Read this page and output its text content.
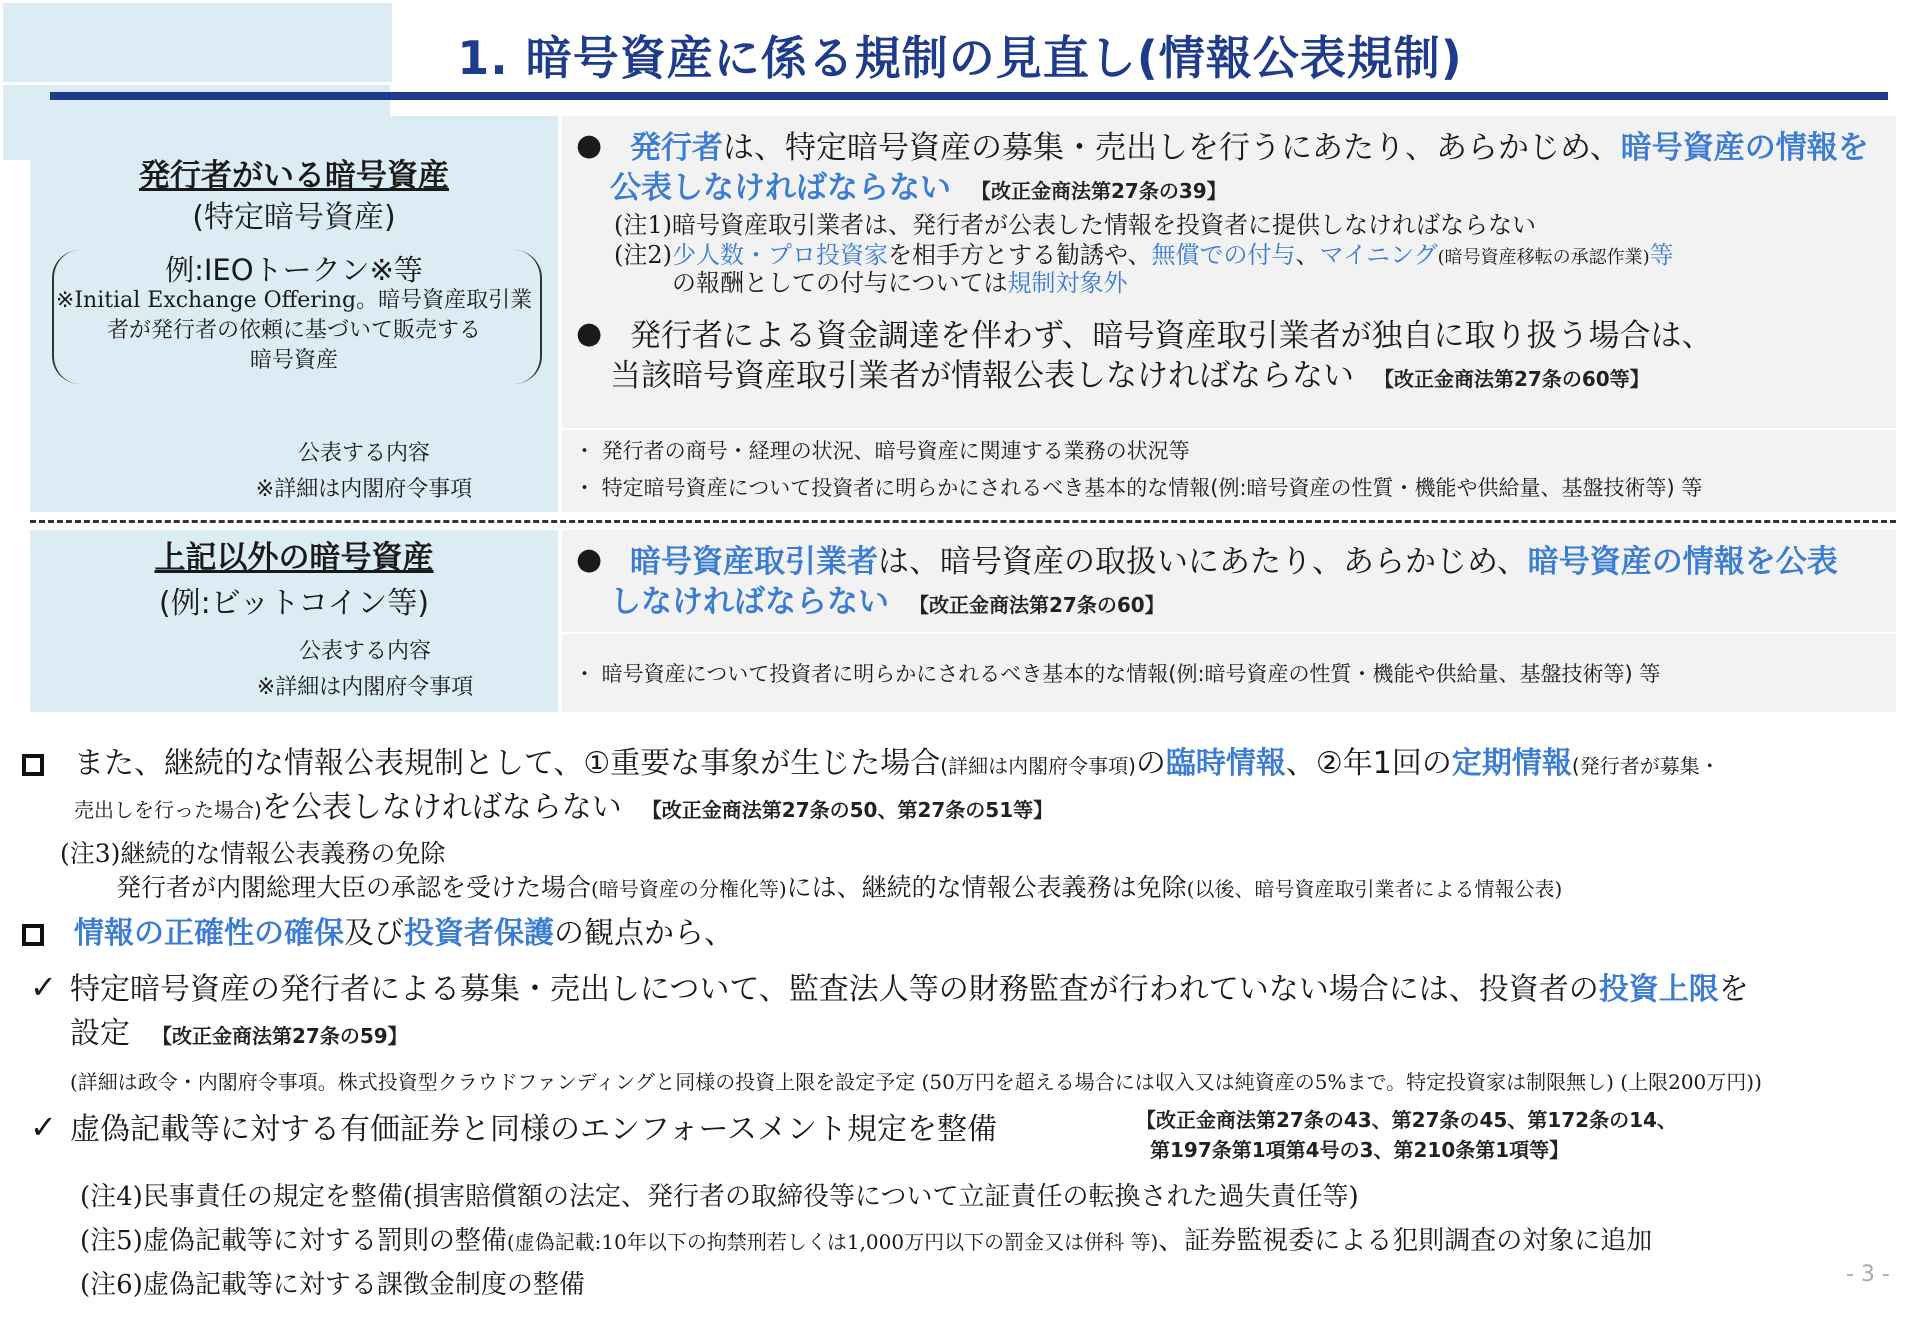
1. 暗号資産に係る規制の見直し(情報公表規制)
発行者がいる暗号資産
(特定暗号資産)
例:IEOトークン※等
※Initial Exchange Offering。暗号資産取引業
者が発行者の依頼に基づいて販売する
暗号資産
公表する内容
※詳細は内閣府令事項
● 発行者は、特定暗号資産の募集・売出しを行うにあたり、あらかじめ、暗号資産の情報を
公表しなければならない 【改正金商法第27条の39】
(注1)暗号資産取引業者は、発行者が公表した情報を投資者に提供しなければならない
(注2)少人数・プロ投資家を相手方とする勧誘や、無償での付与、マイニング(暗号資産移転の承認作業)等
の報酬としての付与については規制対象外
● 発行者による資金調達を伴わず、暗号資産取引業者が独自に取り扱う場合は、
当該暗号資産取引業者が情報公表しなければならない 【改正金商法第27条の60等】
・ 発行者の商号・経理の状況、暗号資産に関連する業務の状況等
・ 特定暗号資産について投資者に明らかにされるべき基本的な情報(例:暗号資産の性質・機能や供給量、基盤技術等) 等
上記以外の暗号資産
(例:ビットコイン等)
公表する内容
※詳細は内閣府令事項
● 暗号資産取引業者は、暗号資産の取扱いにあたり、あらかじめ、暗号資産の情報を公表
しなければならない 【改正金商法第27条の60】
・ 暗号資産について投資者に明らかにされるべき基本的な情報(例:暗号資産の性質・機能や供給量、基盤技術等) 等
また、継続的な情報公表規制として、①重要な事象が生じた場合(詳細は内閣府令事項)の臨時情報、②年1回の定期情報(発行者が募集・
売出しを行った場合)を公表しなければならない 【改正金商法第27条の50、第27条の51等】
(注3)継続的な情報公表義務の免除
発行者が内閣総理大臣の承認を受けた場合(暗号資産の分権化等)には、継続的な情報公表義務は免除(以後、暗号資産取引業者による情報公表)
情報の正確性の確保及び投資者保護の観点から、
✓ 特定暗号資産の発行者による募集・売出しについて、監査法人等の財務監査が行われていない場合には、投資者の投資上限を
設定 【改正金商法第27条の59】
(詳細は政令・内閣府令事項。株式投資型クラウドファンディングと同様の投資上限を設定予定 (50万円を超える場合には収入又は純資産の5%まで。特定投資家は制限無し) (上限200万円))
✓ 虚偽記載等に対する有価証券と同様のエンフォースメント規定を整備	【改正金商法第27条の43、第27条の45、第172条の14、
第197条第1項第4号の3、第210条第1項等】
(注4)民事責任の規定を整備(損害賠償額の法定、発行者の取締役等について立証責任の転換された過失責任等)
(注5)虚偽記載等に対する罰則の整備(虚偽記載:10年以下の拘禁刑若しくは1,000万円以下の罰金又は併科 等)、証券監視委による犯則調査の対象に追加
(注6)虚偽記載等に対する課徴金制度の整備	- 3 -
